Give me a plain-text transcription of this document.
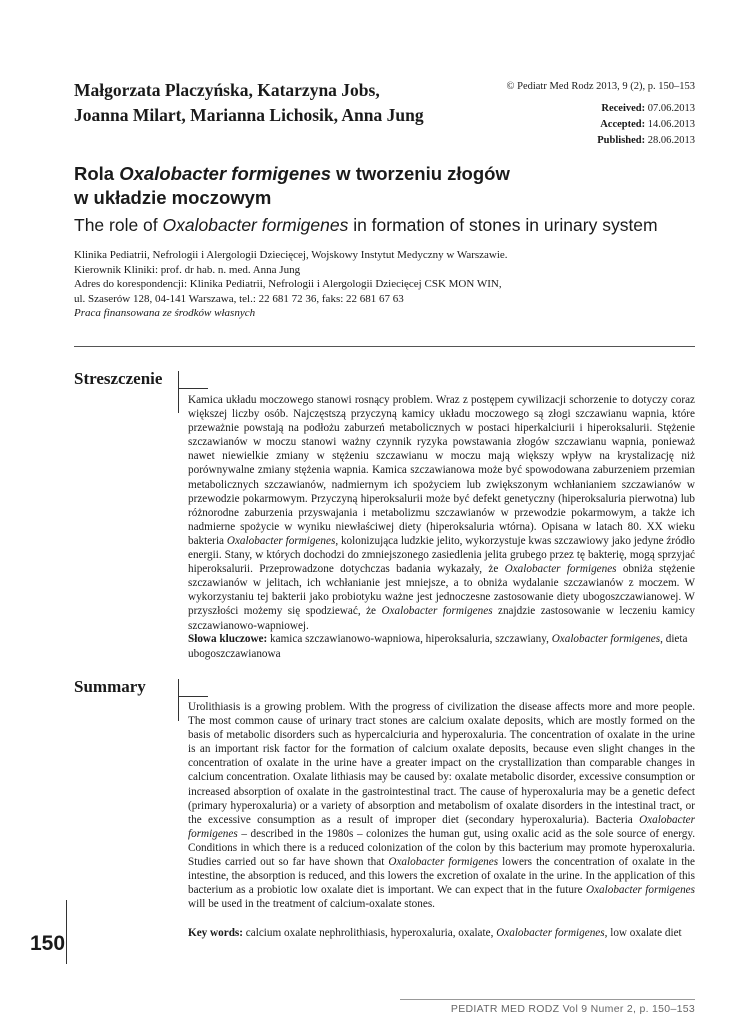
Małgorzata Placzyńska, Katarzyna Jobs,
Joanna Milart, Marianna Lichosik, Anna Jung
© Pediatr Med Rodz 2013, 9 (2), p. 150–153
Received: 07.06.2013
Accepted: 14.06.2013
Published: 28.06.2013
Rola Oxalobacter formigenes w tworzeniu złogów
w układzie moczowym
The role of Oxalobacter formigenes in formation of stones in urinary system
Klinika Pediatrii, Nefrologii i Alergologii Dziecięcej, Wojskowy Instytut Medyczny w Warszawie.
Kierownik Kliniki: prof. dr hab. n. med. Anna Jung
Adres do korespondencji: Klinika Pediatrii, Nefrologii i Alergologii Dziecięcej CSK MON WIN,
ul. Szaserów 128, 04-141 Warszawa, tel.: 22 681 72 36, faks: 22 681 67 63
Praca finansowana ze środków własnych
Streszczenie
Kamica układu moczowego stanowi rosnący problem. Wraz z postępem cywilizacji schorzenie to dotyczy coraz większej liczby osób. Najczęstszą przyczyną kamicy układu moczowego są złogi szczawianu wapnia, które przeważnie powstają na podłożu zaburzeń metabolicznych w postaci hiperkalciurii i hiperoksalurii. Stężenie szczawianów w moczu stanowi ważny czynnik ryzyka powstawania złogów szczawianu wapnia, ponieważ nawet niewielkie zmiany w stężeniu szczawianu w moczu mają większy wpływ na krystalizację niż porównywalne zmiany stężenia wapnia. Kamica szczawianowa może być spowodowana zaburzeniem przemian metabolicznych szczawianów, nadmiernym ich spożyciem lub zwiększonym wchłanianiem szczawianów w przewodzie pokarmowym. Przyczyną hiperoksalurii może być defekt genetyczny (hiperoksaluria pierwotna) lub różnorodne zaburzenia przyswajania i metabolizmu szczawianów w przewodzie pokarmowym, a także ich nadmierne spożycie w wyniku niewłaściwej diety (hiperoksaluria wtórna). Opisana w latach 80. XX wieku bakteria Oxalobacter formigenes, kolonizująca ludzkie jelito, wykorzystuje kwas szczawiowy jako jedyne źródło energii. Stany, w których dochodzi do zmniejszonego zasiedlenia jelita grubego przez tę bakterię, mogą sprzyjać hiperoksalurii. Przeprowadzone dotychczas badania wykazały, że Oxalobacter formigenes obniża stężenie szczawianów w jelitach, ich wchłanianie jest mniejsze, a to obniża wydalanie szczawianów z moczem. W wykorzystaniu tej bakterii jako probiotyku ważne jest jednoczesne zastosowanie diety ubogoszczawianowej. W przyszłości możemy się spodziewać, że Oxalobacter formigenes znajdzie zastosowanie w leczeniu kamicy szczawianowo-wapniowej.
Słowa kluczowe: kamica szczawianowo-wapniowa, hiperoksaluria, szczawiany, Oxalobacter formigenes, dieta ubogoszczawianowa
Summary
Urolithiasis is a growing problem. With the progress of civilization the disease affects more and more people. The most common cause of urinary tract stones are calcium oxalate deposits, which are mostly formed on the basis of metabolic disorders such as hypercalciuria and hyperoxaluria. The concentration of oxalate in the urine is an important risk factor for the formation of calcium oxalate deposits, because even slight changes in the concentration of oxalate in the urine have a greater impact on the crystallization than comparable changes in calcium concentration. Oxalate lithiasis may be caused by: oxalate metabolic disorder, excessive consumption or increased absorption of oxalate in the gastrointestinal tract. The cause of hyperoxaluria may be a genetic defect (primary hyperoxaluria) or a variety of absorption and metabolism of oxalate disorders in the intestinal tract, or the excessive consumption as a result of improper diet (secondary hyperoxaluria). Bacteria Oxalobacter formigenes – described in the 1980s – colonizes the human gut, using oxalic acid as the sole source of energy. Conditions in which there is a reduced colonization of the colon by this bacterium may promote hyperoxaluria. Studies carried out so far have shown that Oxalobacter formigenes lowers the concentration of oxalate in the intestine, the absorption is reduced, and this lowers the excretion of oxalate in the urine. In the application of this bacterium as a probiotic low oxalate diet is important. We can expect that in the future Oxalobacter formigenes will be used in the treatment of calcium-oxalate stones.
Key words: calcium oxalate nephrolithiasis, hyperoxaluria, oxalate, Oxalobacter formigenes, low oxalate diet
150
PEDIATR MED RODZ Vol 9 Numer 2, p. 150–153
